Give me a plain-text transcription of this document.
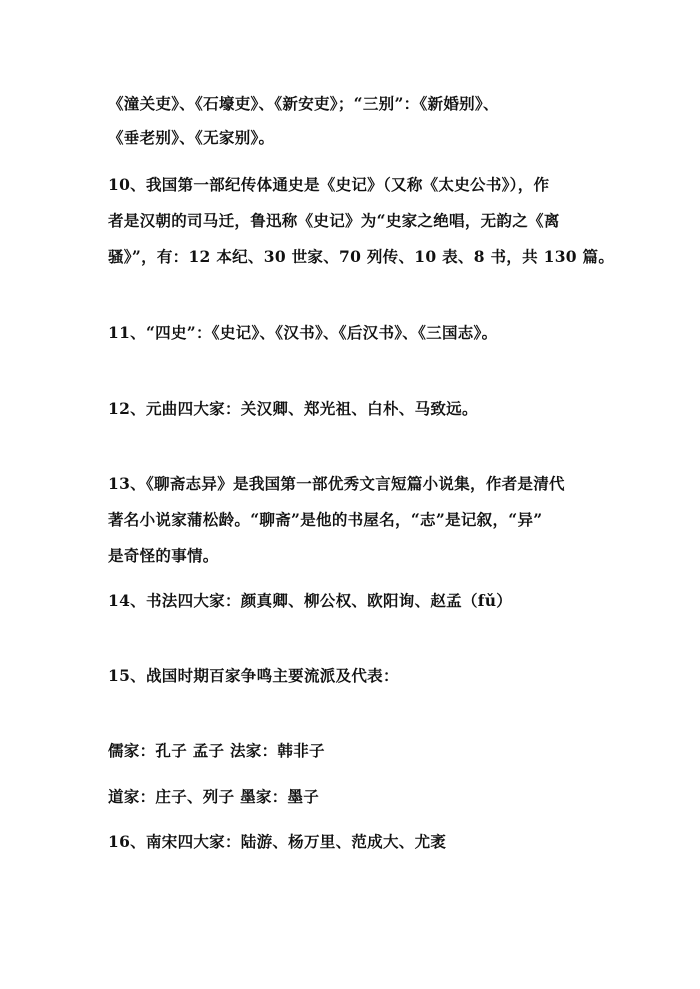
《潼关吏》、《石壕吏》、《新安吏》；“三别”：《新婚别》、
《垂老别》、《无家别》。
10、我国第一部纪传体通史是《史记》（又称《太史公书》），作
者是汉朝的司马迁，鲁迅称《史记》为“史家之绝唱，无韵之《离
骚》”，有：12 本纪、30 世家、70 列传、10 表、8 书，共 130 篇。
11、“四史”：《史记》、《汉书》、《后汉书》、《三国志》。
12、元曲四大家：关汉卿、郑光祖、白朴、马致远。
13、《聊斋志异》是我国第一部优秀文言短篇小说集，作者是清代
著名小说家蒲松龄。“聊斋”是他的书屋名，“志”是记叙，“异”
是奇怪的事情。
14、书法四大家：颜真卿、柳公权、欧阳询、赵孟（fǔ）
15、战国时期百家争鸣主要流派及代表：
儒家：孔子 孟子 法家：韩非子
道家：庄子、列子 墨家：墨子
16、南宋四大家：陆游、杨万里、范成大、尤袤
